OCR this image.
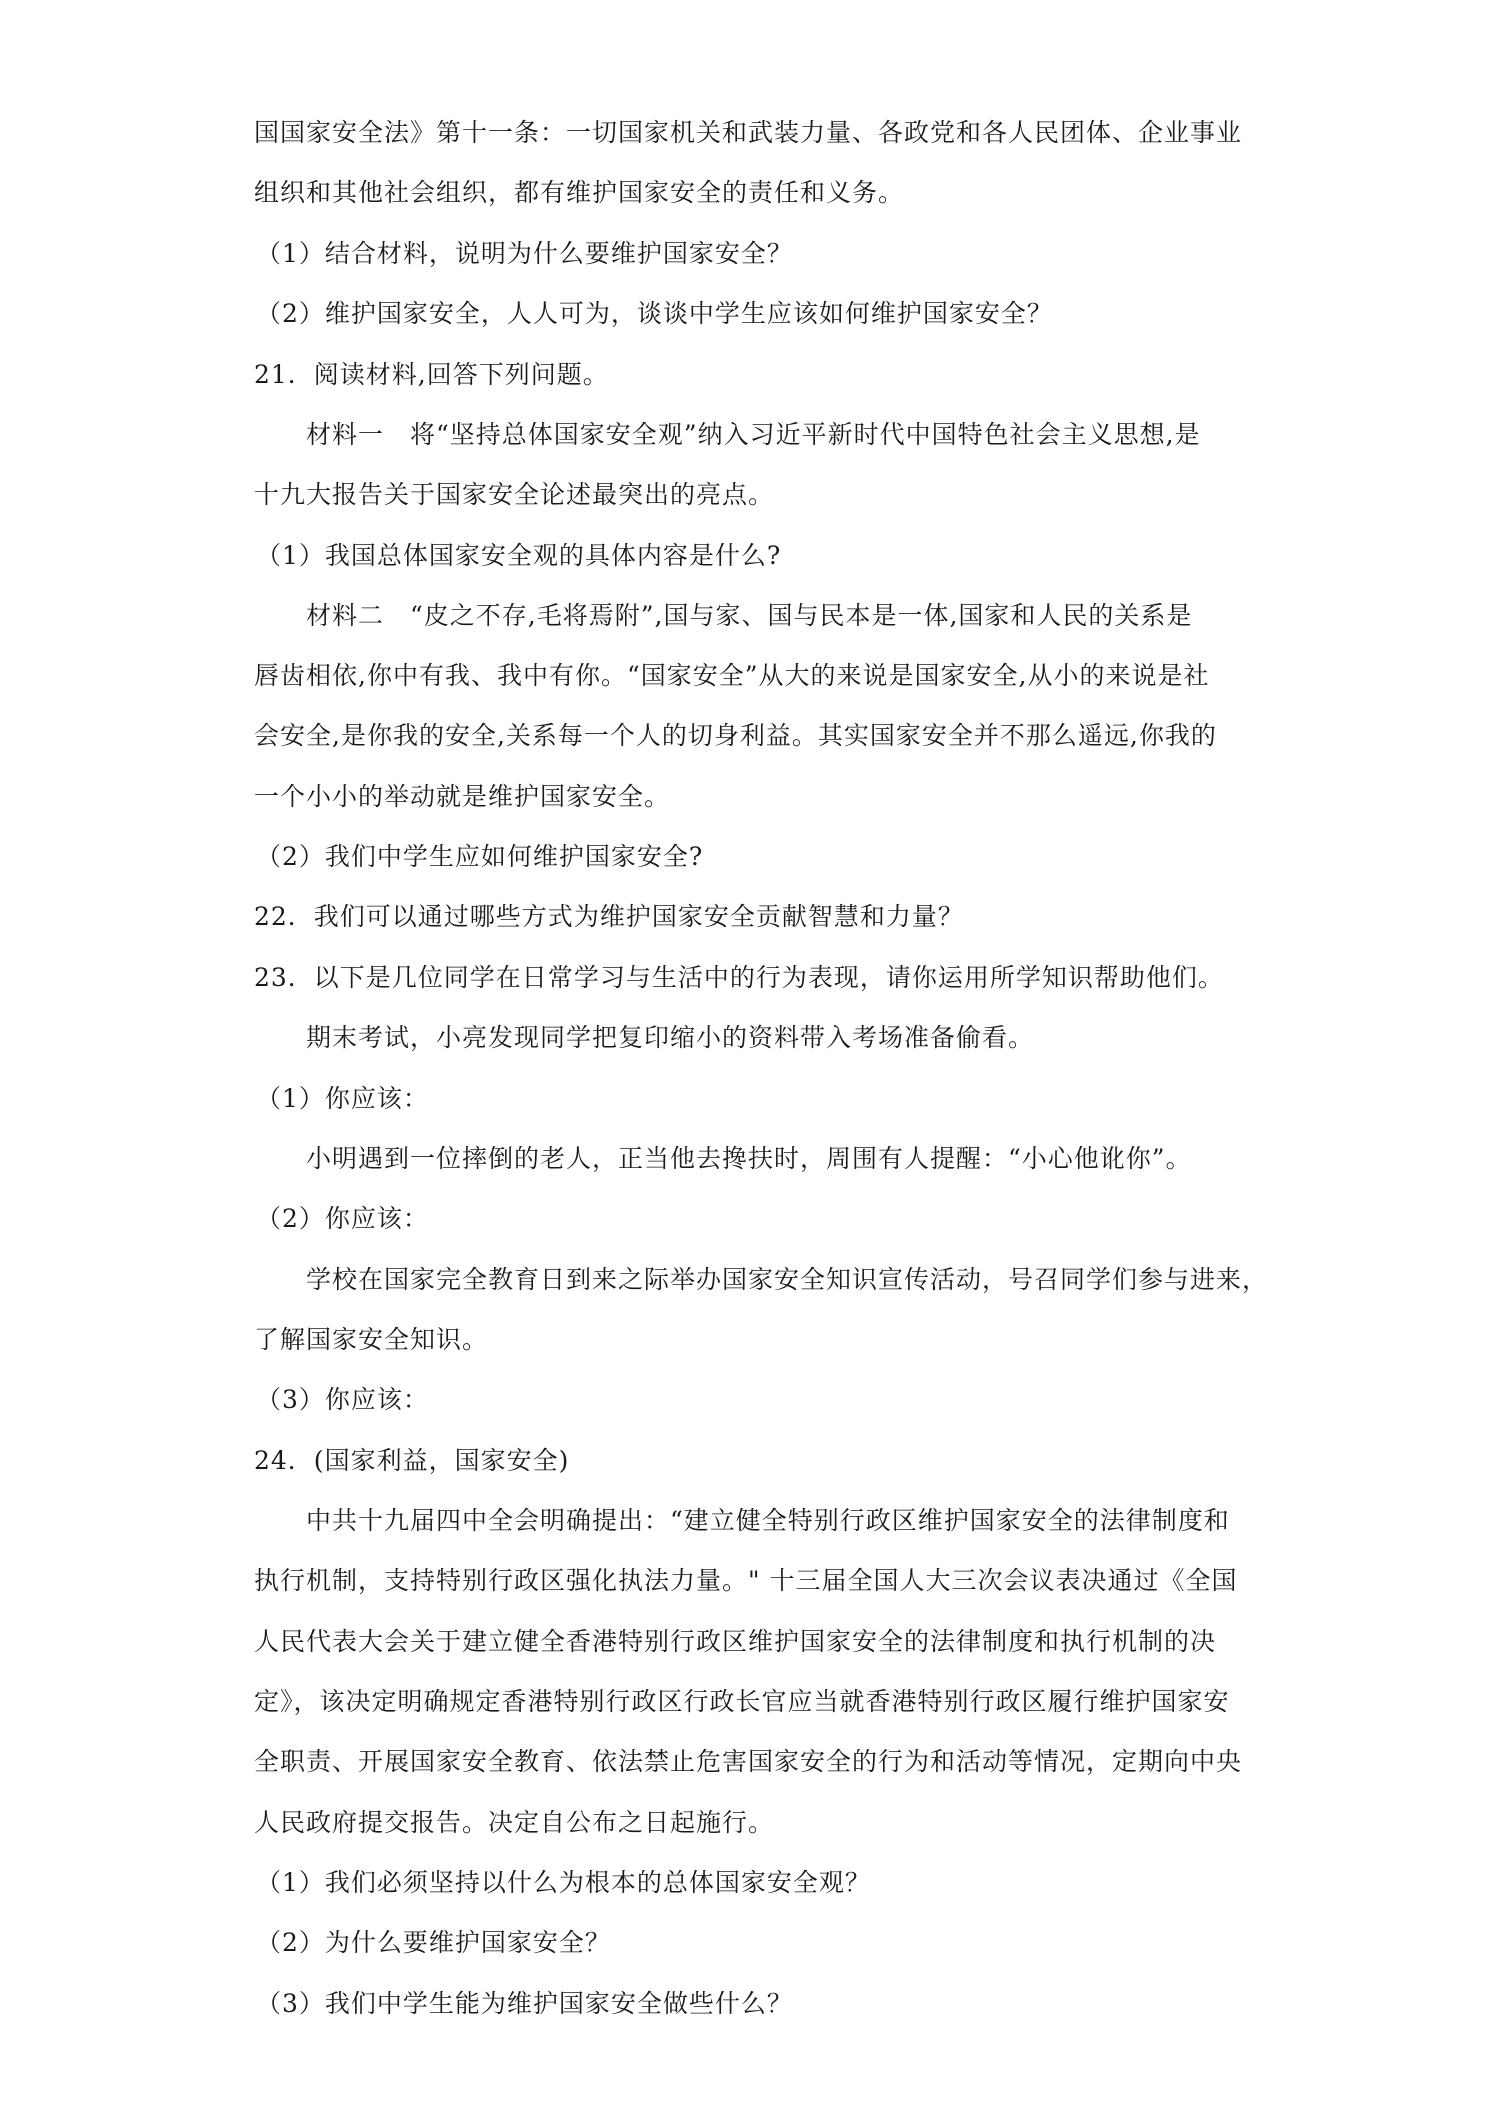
国国家安全法》第十一条：一切国家机关和武装力量、各政党和各人民团体、企业事业
组织和其他社会组织，都有维护国家安全的责任和义务。
（1）结合材料，说明为什么要维护国家安全？
（2）维护国家安全，人人可为，谈谈中学生应该如何维护国家安全？
21．阅读材料,回答下列问题。
材料一　将“坚持总体国家安全观”纳入习近平新时代中国特色社会主义思想,是
十九大报告关于国家安全论述最突出的亮点。
（1）我国总体国家安全观的具体内容是什么?
材料二　“皮之不存,毛将焉附”,国与家、国与民本是一体,国家和人民的关系是
唇齿相依,你中有我、我中有你。“国家安全”从大的来说是国家安全,从小的来说是社
会安全,是你我的安全,关系每一个人的切身利益。其实国家安全并不那么遥远,你我的
一个小小的举动就是维护国家安全。
（2）我们中学生应如何维护国家安全?
22．我们可以通过哪些方式为维护国家安全贡献智慧和力量？
23．以下是几位同学在日常学习与生活中的行为表现，请你运用所学知识帮助他们。
期末考试，小亮发现同学把复印缩小的资料带入考场准备偷看。
（1）你应该：
小明遇到一位摔倒的老人，正当他去搀扶时，周围有人提醒：“小心他讹你”。
（2）你应该：
学校在国家完全教育日到来之际举办国家安全知识宣传活动，号召同学们参与进来，
了解国家安全知识。
（3）你应该：
24．(国家利益，国家安全)
中共十九届四中全会明确提出：“建立健全特别行政区维护国家安全的法律制度和
执行机制，支持特别行政区强化执法力量。" 十三届全国人大三次会议表决通过《全国
人民代表大会关于建立健全香港特别行政区维护国家安全的法律制度和执行机制的决
定》，该决定明确规定香港特别行政区行政长官应当就香港特别行政区履行维护国家安
全职责、开展国家安全教育、依法禁止危害国家安全的行为和活动等情况，定期向中央
人民政府提交报告。决定自公布之日起施行。
（1）我们必须坚持以什么为根本的总体国家安全观？
（2）为什么要维护国家安全？
（3）我们中学生能为维护国家安全做些什么？
